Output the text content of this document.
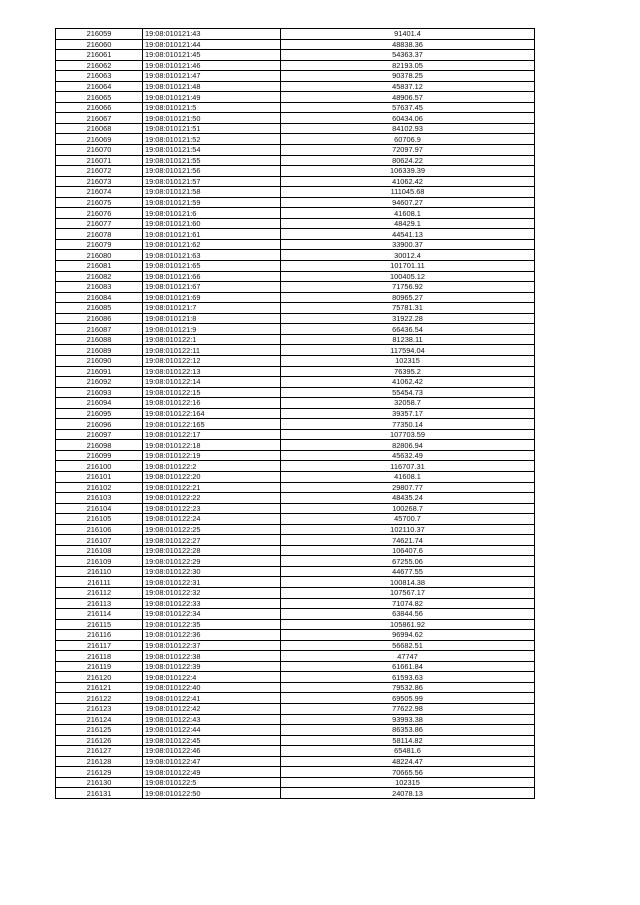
216059	19:08:010121:43	91401.4
216060	19:08:010121:44	48838.36
216061	19:08:010121:45	54363.37
216062	19:08:010121:46	82193.05
216063	19:08:010121:47	90378.25
216064	19:08:010121:48	45837.12
216065	19:08:010121:49	48906.57
216066	19:08:010121:5	57637.45
216067	19:08:010121:50	60434.06
216068	19:08:010121:51	84102.93
216069	19:08:010121:52	60706.9
216070	19:08:010121:54	72097.97
216071	19:08:010121:55	80624.22
216072	19:08:010121:56	106339.39
216073	19:08:010121:57	41062.42
216074	19:08:010121:58	111045.68
216075	19:08:010121:59	94607.27
216076	19:08:010121:6	41608.1
216077	19:08:010121:60	48429.1
216078	19:08:010121:61	44541.13
216079	19:08:010121:62	33900.37
216080	19:08:010121:63	30012.4
216081	19:08:010121:65	101701.11
216082	19:08:010121:66	100405.12
216083	19:08:010121:67	71756.92
216084	19:08:010121:69	80965.27
216085	19:08:010121:7	75781.31
216086	19:08:010121:8	31922.28
216087	19:08:010121:9	66436.54
216088	19:08:010122:1	81238.11
216089	19:08:010122:11	117594.04
216090	19:08:010122:12	102315
216091	19:08:010122:13	76395.2
216092	19:08:010122:14	41062.42
216093	19:08:010122:15	55454.73
216094	19:08:010122:16	32058.7
216095	19:08:010122:164	39357.17
216096	19:08:010122:165	77350.14
216097	19:08:010122:17	107703.59
216098	19:08:010122:18	82806.94
216099	19:08:010122:19	45632.49
216100	19:08:010122:2	116707.31
216101	19:08:010122:20	41608.1
216102	19:08:010122:21	29807.77
216103	19:08:010122:22	48435.24
216104	19:08:010122:23	100268.7
216105	19:08:010122:24	45700.7
216106	19:08:010122:25	102110.37
216107	19:08:010122:27	74621.74
216108	19:08:010122:28	106407.6
216109	19:08:010122:29	67255.06
216110	19:08:010122:30	44677.55
216111	19:08:010122:31	100814.38
216112	19:08:010122:32	107567.17
216113	19:08:010122:33	71074.82
216114	19:08:010122:34	63844.56
216115	19:08:010122:35	105861.92
216116	19:08:010122:36	96994.62
216117	19:08:010122:37	56682.51
216118	19:08:010122:38	47747
216119	19:08:010122:39	61661.84
216120	19:08:010122:4	61593.63
216121	19:08:010122:40	79532.86
216122	19:08:010122:41	69505.99
216123	19:08:010122:42	77622.98
216124	19:08:010122:43	93993.38
216125	19:08:010122:44	86353.86
216126	19:08:010122:45	58114.82
216127	19:08:010122:46	65481.6
216128	19:08:010122:47	48224.47
216129	19:08:010122:49	70665.56
216130	19:08:010122:5	102315
216131	19:08:010122:50	24078.13
